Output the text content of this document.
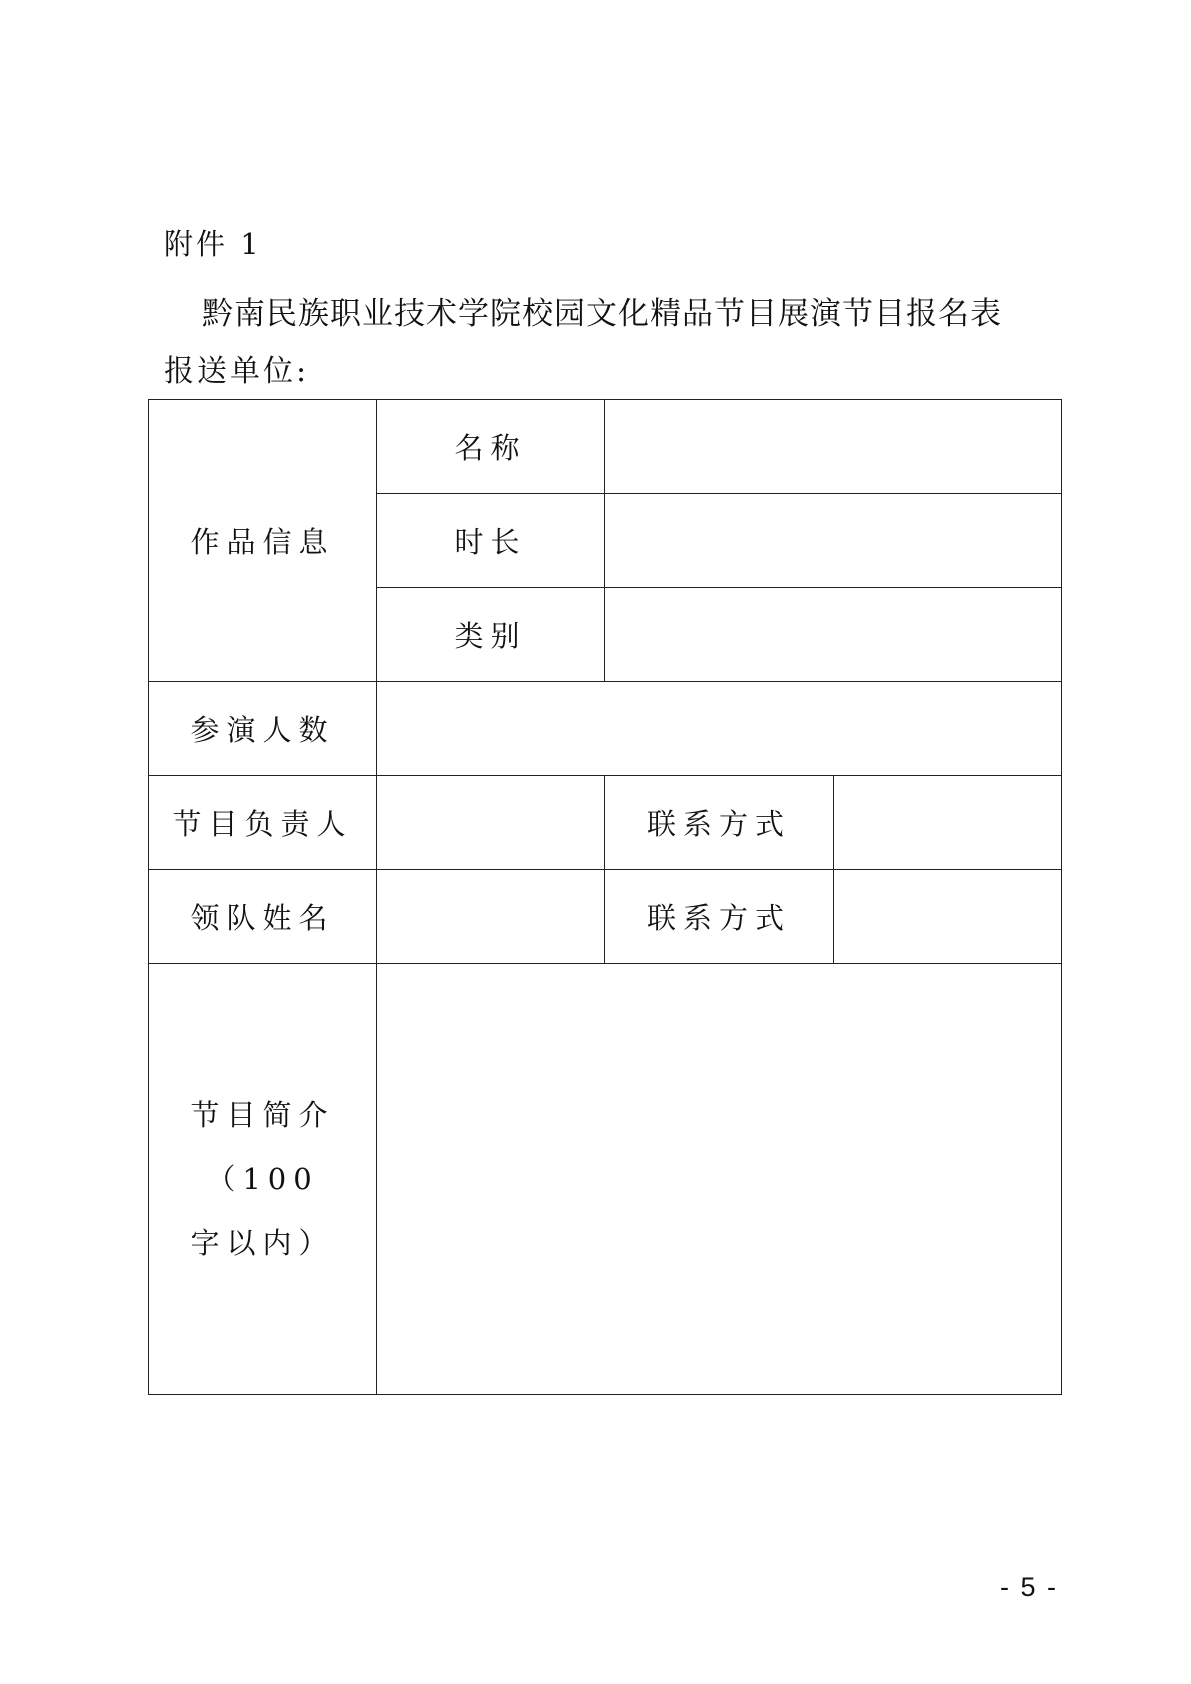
附件 1
黔南民族职业技术学院校园文化精品节目展演节目报名表
报送单位:
作品信息	名称		
	时长		
	类别		
参演人数			
节目负责人		联系方式	
领队姓名		联系方式	

节目简介（100
字以内）			

- 5 -
